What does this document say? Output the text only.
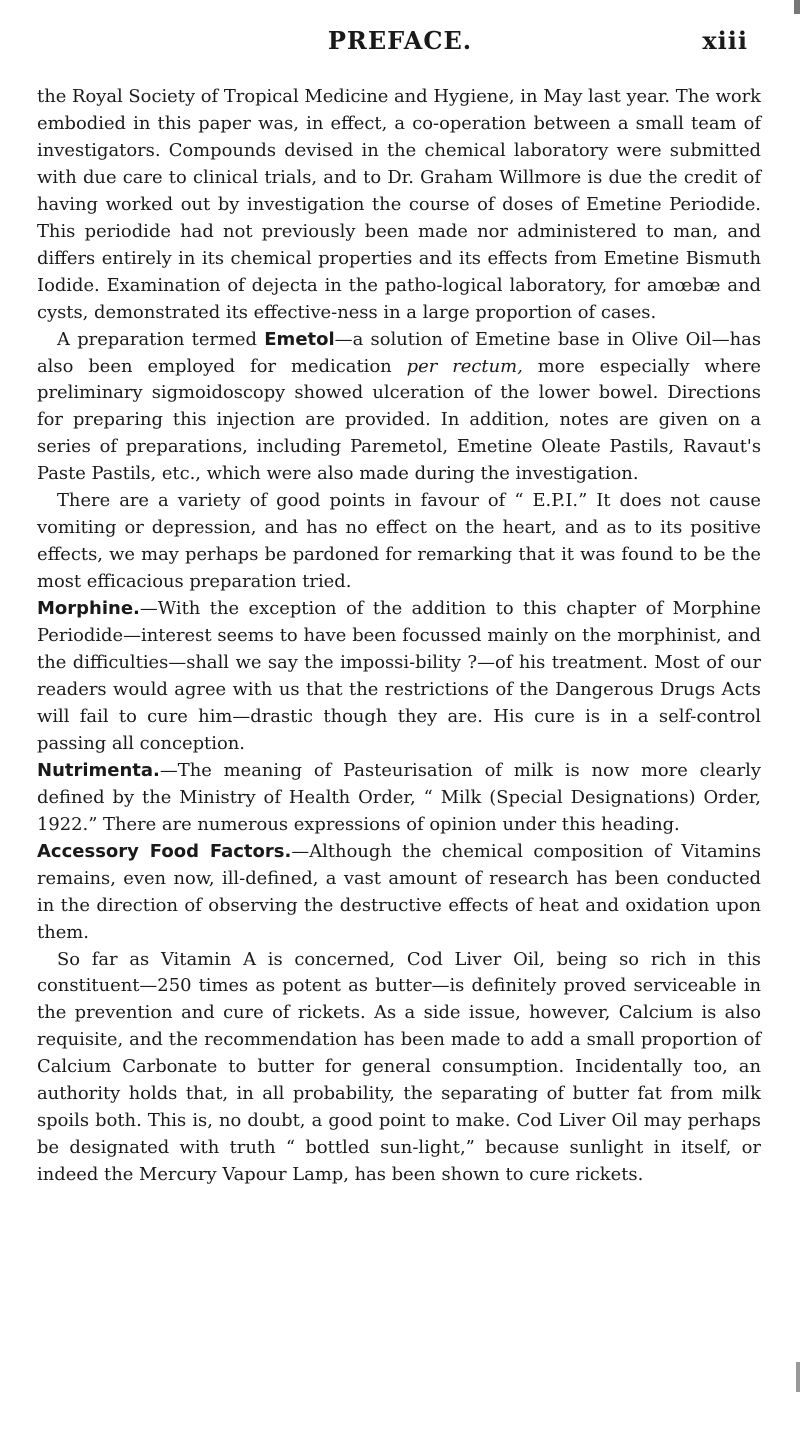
PREFACE.	xiii

the Royal Society of Tropical Medicine and Hygiene, in May last year. The work embodied in this paper was, in effect, a co-operation between a small team of investigators. Compounds devised in the chemical laboratory were submitted with due care to clinical trials, and to Dr. Graham Willmore is due the credit of having worked out by investigation the course of doses of Emetine Periodide. This periodide had not previously been made nor administered to man, and differs entirely in its chemical properties and its effects from Emetine Bismuth Iodide. Examination of dejecta in the patho-logical laboratory, for amœbæ and cysts, demonstrated its effective-ness in a large proportion of cases.

A preparation termed Emetol—a solution of Emetine base in Olive Oil—has also been employed for medication per rectum, more especially where preliminary sigmoidoscopy showed ulceration of the lower bowel. Directions for preparing this injection are provided. In addition, notes are given on a series of preparations, including Paremetol, Emetine Oleate Pastils, Ravaut's Paste Pastils, etc., which were also made during the investigation.

There are a variety of good points in favour of “ E.P.I.” It does not cause vomiting or depression, and has no effect on the heart, and as to its positive effects, we may perhaps be pardoned for remarking that it was found to be the most efficacious preparation tried.

Morphine.—With the exception of the addition to this chapter of Morphine Periodide—interest seems to have been focussed mainly on the morphinist, and the difficulties—shall we say the impossi-bility ?—of his treatment. Most of our readers would agree with us that the restrictions of the Dangerous Drugs Acts will fail to cure him—drastic though they are. His cure is in a self-control passing all conception.

Nutrimenta.—The meaning of Pasteurisation of milk is now more clearly defined by the Ministry of Health Order, “ Milk (Special Designations) Order, 1922.” There are numerous expressions of opinion under this heading.

Accessory Food Factors.—Although the chemical composition of Vitamins remains, even now, ill-defined, a vast amount of research has been conducted in the direction of observing the destructive effects of heat and oxidation upon them.

So far as Vitamin A is concerned, Cod Liver Oil, being so rich in this constituent—250 times as potent as butter—is definitely proved serviceable in the prevention and cure of rickets. As a side issue, however, Calcium is also requisite, and the recommendation has been made to add a small proportion of Calcium Carbonate to butter for general consumption. Incidentally too, an authority holds that, in all probability, the separating of butter fat from milk spoils both. This is, no doubt, a good point to make. Cod Liver Oil may perhaps be designated with truth “ bottled sun-light,” because sunlight in itself, or indeed the Mercury Vapour Lamp, has been shown to cure rickets.
